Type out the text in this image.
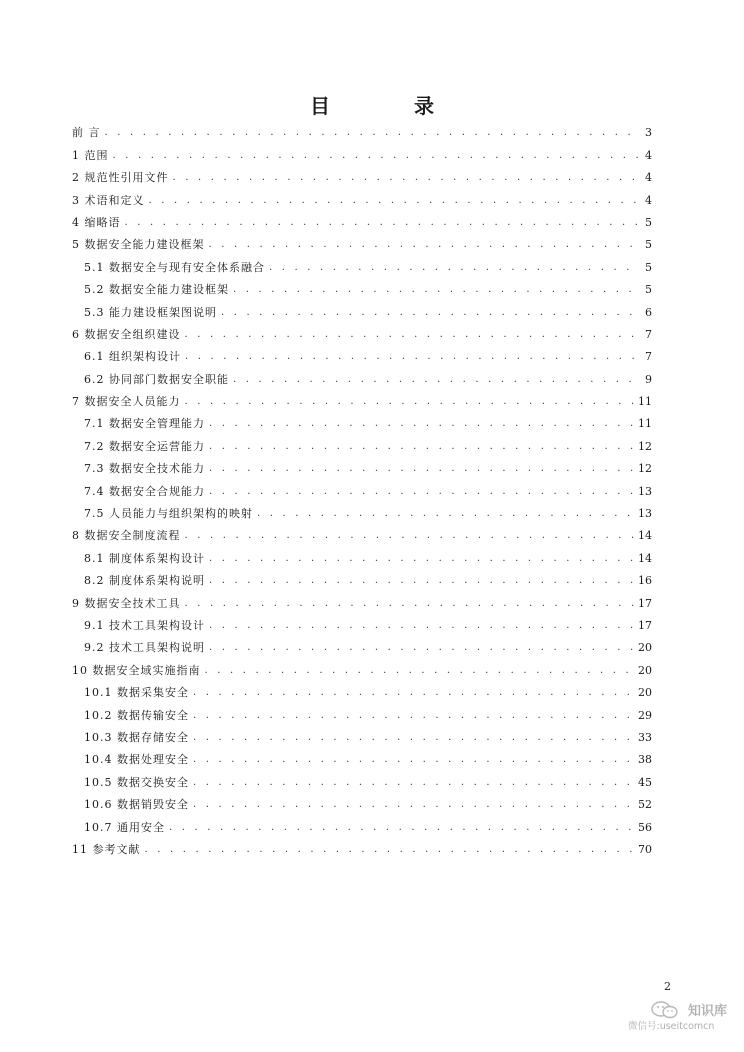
目　录
前 言 . . .	3
1 范围 . . .	4
2 规范性引用文件 . . .	4
3 术语和定义 . . .	4
4 缩略语 . . .	5
5 数据安全能力建设框架 . . .	5
5.1 数据安全与现有安全体系融合 . . .	5
5.2 数据安全能力建设框架 . . .	5
5.3 能力建设框架图说明 . . .	6
6 数据安全组织建设 . . .	7
6.1 组织架构设计 . . .	7
6.2 协同部门数据安全职能 . . .	9
7 数据安全人员能力 . . .	11
7.1 数据安全管理能力 . . .	11
7.2 数据安全运营能力 . . .	12
7.3 数据安全技术能力 . . .	12
7.4 数据安全合规能力 . . .	13
7.5 人员能力与组织架构的映射 . . .	13
8 数据安全制度流程 . . .	14
8.1 制度体系架构设计 . . .	14
8.2 制度体系架构说明 . . .	16
9 数据安全技术工具 . . .	17
9.1 技术工具架构设计 . . .	17
9.2 技术工具架构说明 . . .	20
10 数据安全域实施指南 . . .	20
10.1 数据采集安全 . . .	20
10.2 数据传输安全 . . .	29
10.3 数据存储安全 . . .	33
10.4 数据处理安全 . . .	38
10.5 数据交换安全 . . .	45
10.6 数据销毁安全 . . .	52
10.7 通用安全 . . .	56
11 参考文献 . . .	70
2
知识库
微信号:useitcomcn
